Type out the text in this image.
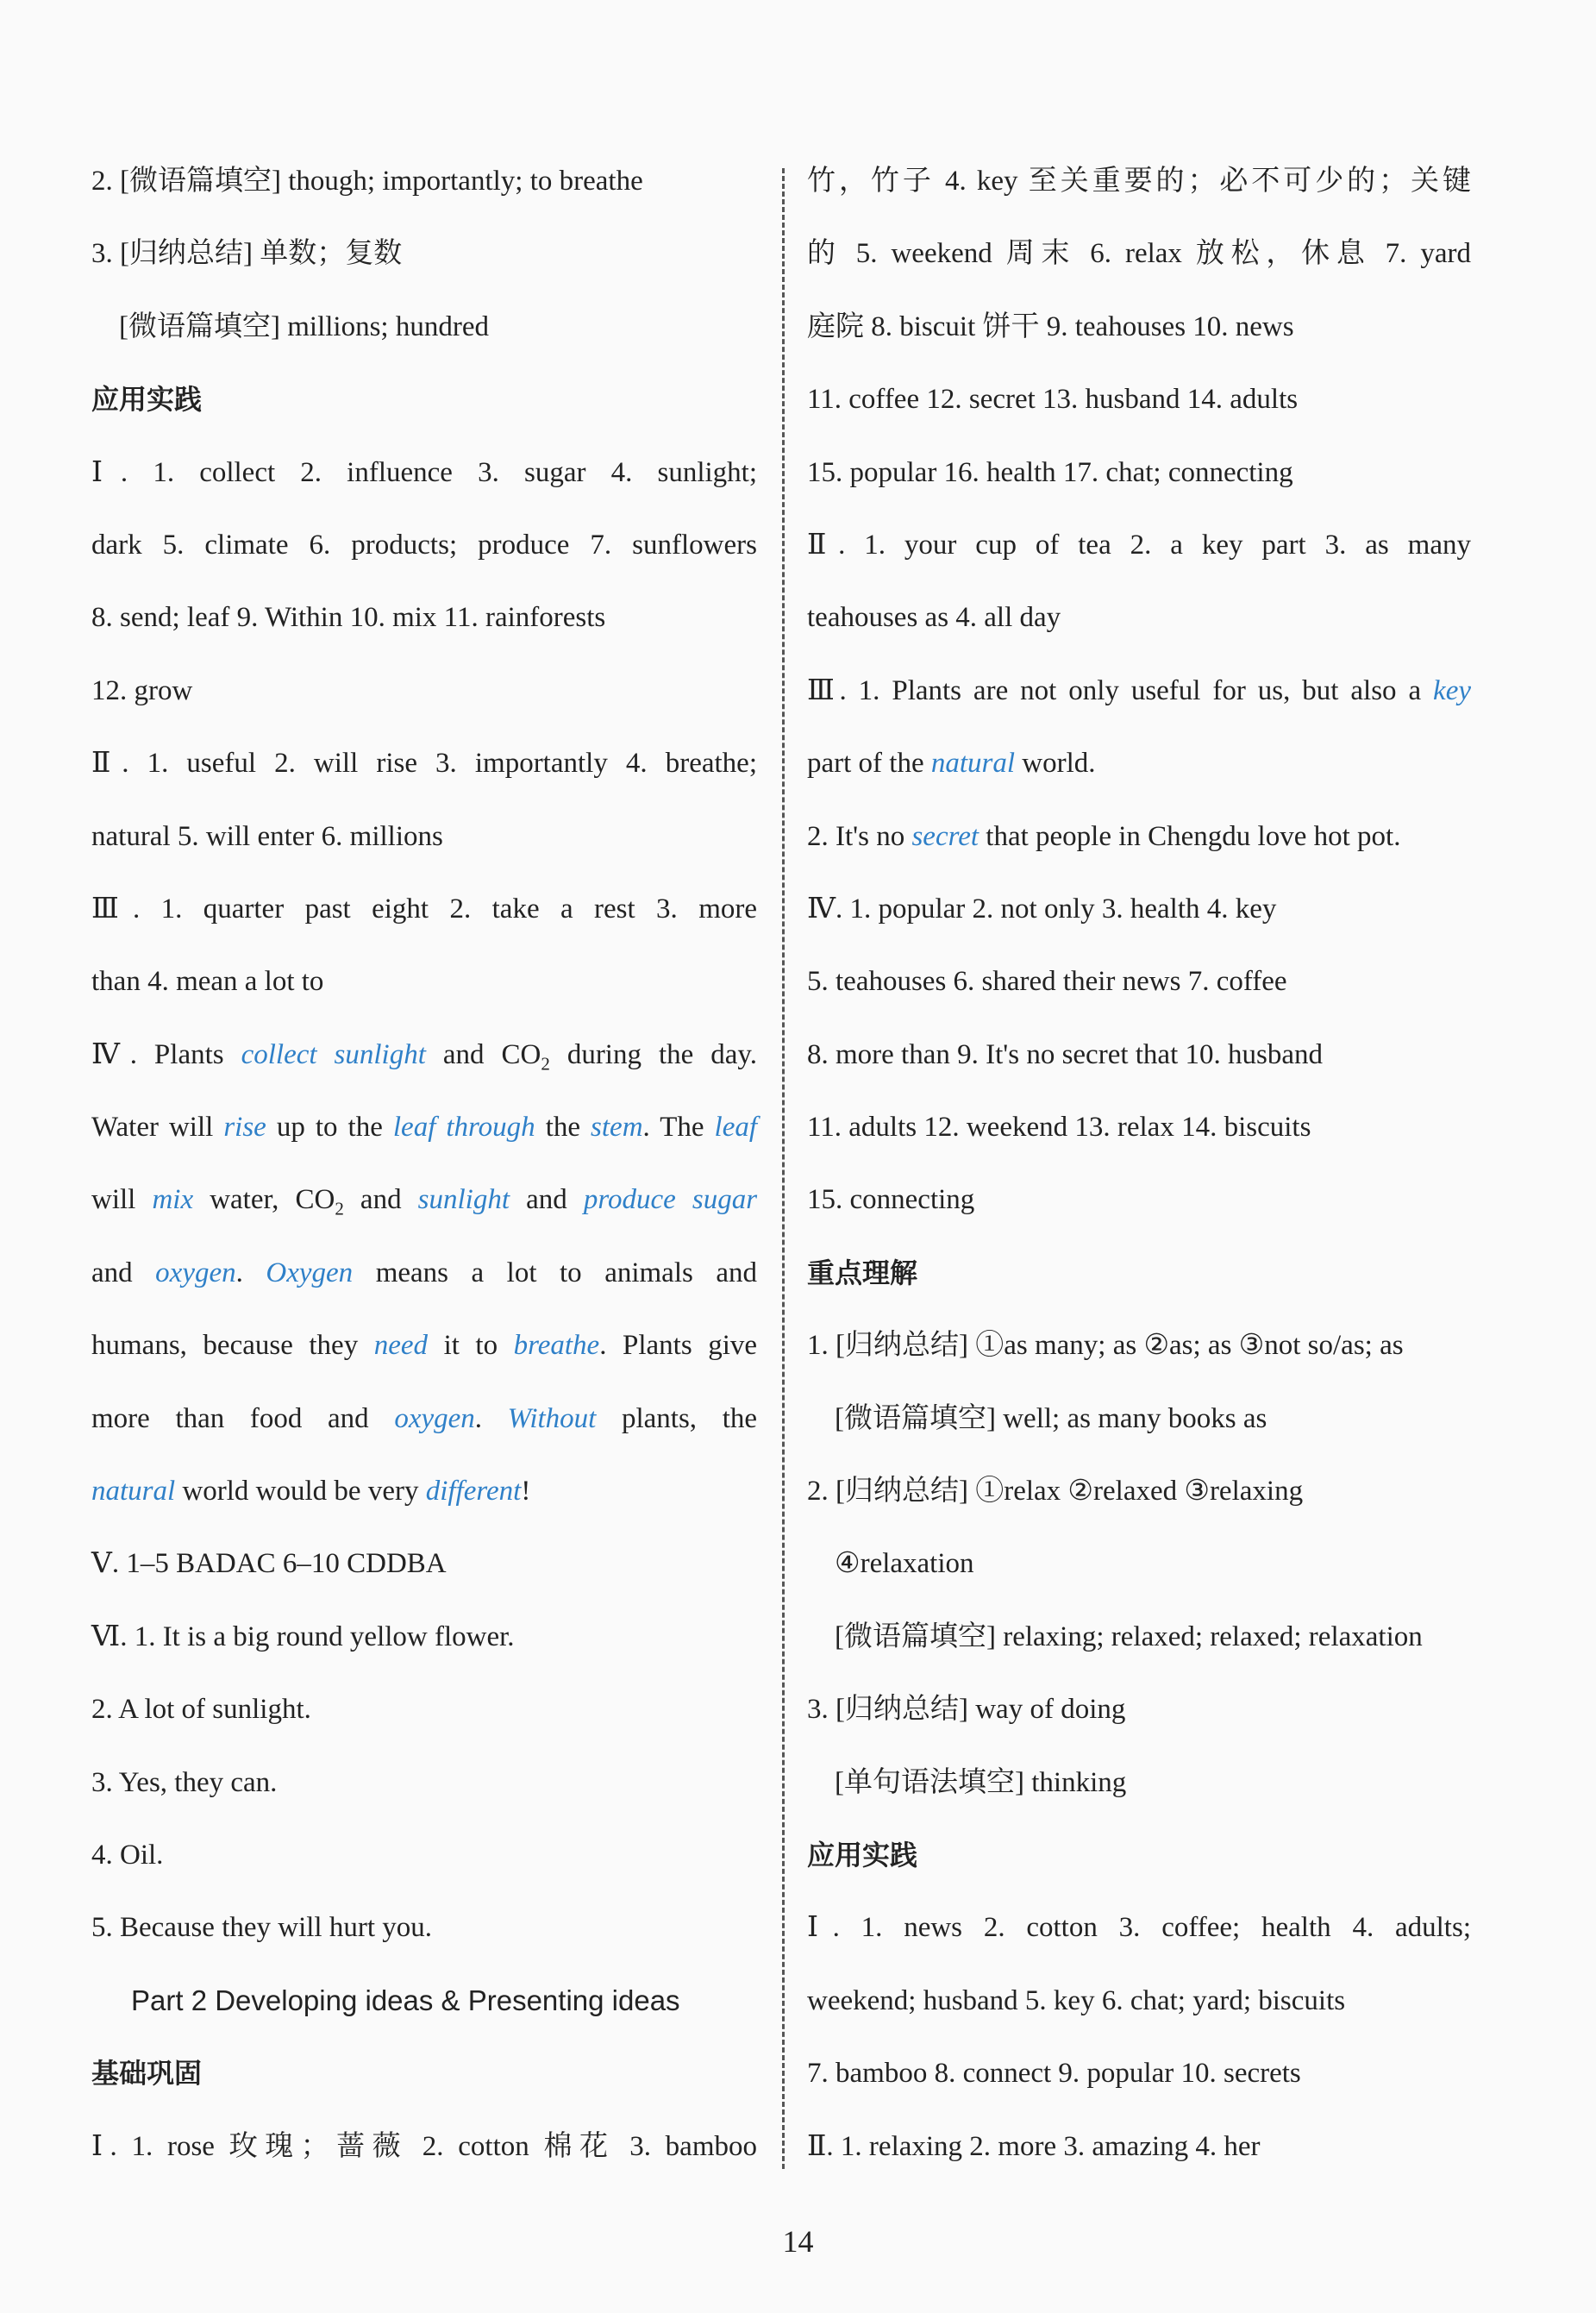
2. [微语篇填空] though; importantly; to breathe
3. [归纳总结] 单数；复数
[微语篇填空] millions; hundred
应用实践
Ⅰ. 1. collect 2. influence 3. sugar 4. sunlight;
dark 5. climate 6. products; produce 7. sunflowers
8. send; leaf 9. Within 10. mix 11. rainforests
12. grow
Ⅱ. 1. useful 2. will rise 3. importantly 4. breathe;
natural 5. will enter 6. millions
Ⅲ. 1. quarter past eight 2. take a rest 3. more
than 4. mean a lot to
Ⅳ. Plants collect sunlight and $CO_2$ during the day.
Water will rise up to the leaf through the stem. The leaf
will mix water, $CO_2$ and sunlight and produce sugar
and oxygen. Oxygen means a lot to animals and
humans, because they need it to breathe. Plants give
more than food and oxygen. Without plants, the
natural world would be very different!
Ⅴ. 1–5 BADAC 6–10 CDDBA
Ⅵ. 1. It is a big round yellow flower.
2. A lot of sunlight.
3. Yes, they can.
4. Oil.
5. Because they will hurt you.
Part 2 Developing ideas & Presenting ideas
基础巩固
Ⅰ. 1. rose 玫瑰；蔷薇 2. cotton 棉花 3. bamboo
竹，竹子 4. key 至关重要的；必不可少的；关键
的 5. weekend 周末 6. relax 放松，休息 7. yard
庭院 8. biscuit 饼干 9. teahouses 10. news
11. coffee 12. secret 13. husband 14. adults
15. popular 16. health 17. chat; connecting
Ⅱ. 1. your cup of tea 2. a key part 3. as many
teahouses as 4. all day
Ⅲ. 1. Plants are not only useful for us, but also a key
part of the natural world.
2. It's no secret that people in Chengdu love hot pot.
Ⅳ. 1. popular 2. not only 3. health 4. key
5. teahouses 6. shared their news 7. coffee
8. more than 9. It's no secret that 10. husband
11. adults 12. weekend 13. relax 14. biscuits
15. connecting
重点理解
1. [归纳总结] ①as many; as ②as; as ③not so/as; as
[微语篇填空] well; as many books as
2. [归纳总结] ①relax ②relaxed ③relaxing
④relaxation
[微语篇填空] relaxing; relaxed; relaxed; relaxation
3. [归纳总结] way of doing
[单句语法填空] thinking
应用实践
Ⅰ. 1. news 2. cotton 3. coffee; health 4. adults;
weekend; husband 5. key 6. chat; yard; biscuits
7. bamboo 8. connect 9. popular 10. secrets
Ⅱ. 1. relaxing 2. more 3. amazing 4. her
14
